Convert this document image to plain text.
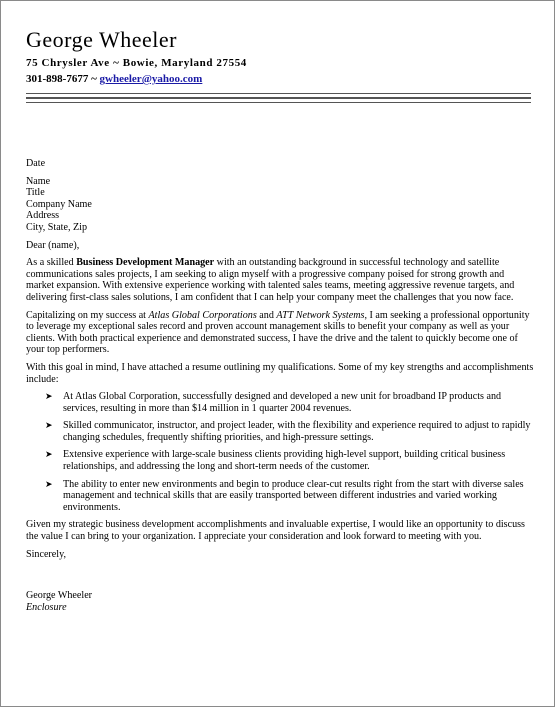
George Wheeler
75 Chrysler Ave ~ Bowie, Maryland 27554
301-898-7677 ~ gwheeler@yahoo.com

Date

Name

Title

Company Name

Address

City, State, Zip

Dear (name),

As a skilled Business Development Manager with an outstanding background in successful technology and satellite communications sales projects, I am seeking to align myself with a progressive company poised for strong growth and market expansion. With extensive experience working with talented sales teams, meeting aggressive revenue targets, and delivering first-class sales solutions, I am confident that I can help your company meet the challenges that you now face.

Capitalizing on my success at Atlas Global Corporations and ATT Network Systems, I am seeking a professional opportunity to leverage my exceptional sales record and proven account management skills to benefit your company as well as your clients. With both practical experience and demonstrated success, I have the drive and the talent to quickly become one of your top performers.

With this goal in mind, I have attached a resume outlining my qualifications. Some of my key strengths and accomplishments include:

➤ At Atlas Global Corporation, successfully designed and developed a new unit for broadband IP products and services, resulting in more than $14 million in 1 quarter 2004 revenues.
➤ Skilled communicator, instructor, and project leader, with the flexibility and experience required to adjust to rapidly changing schedules, frequently shifting priorities, and high-pressure settings.
➤ Extensive experience with large-scale business clients providing high-level support, building critical business relationships, and addressing the long and short-term needs of the customer.
➤ The ability to enter new environments and begin to produce clear-cut results right from the start with diverse sales management and technical skills that are easily transported between different industries and varied working environments.

Given my strategic business development accomplishments and invaluable expertise, I would like an opportunity to discuss the value I can bring to your organization. I appreciate your consideration and look forward to meeting with you.

Sincerely,

George Wheeler

Enclosure
